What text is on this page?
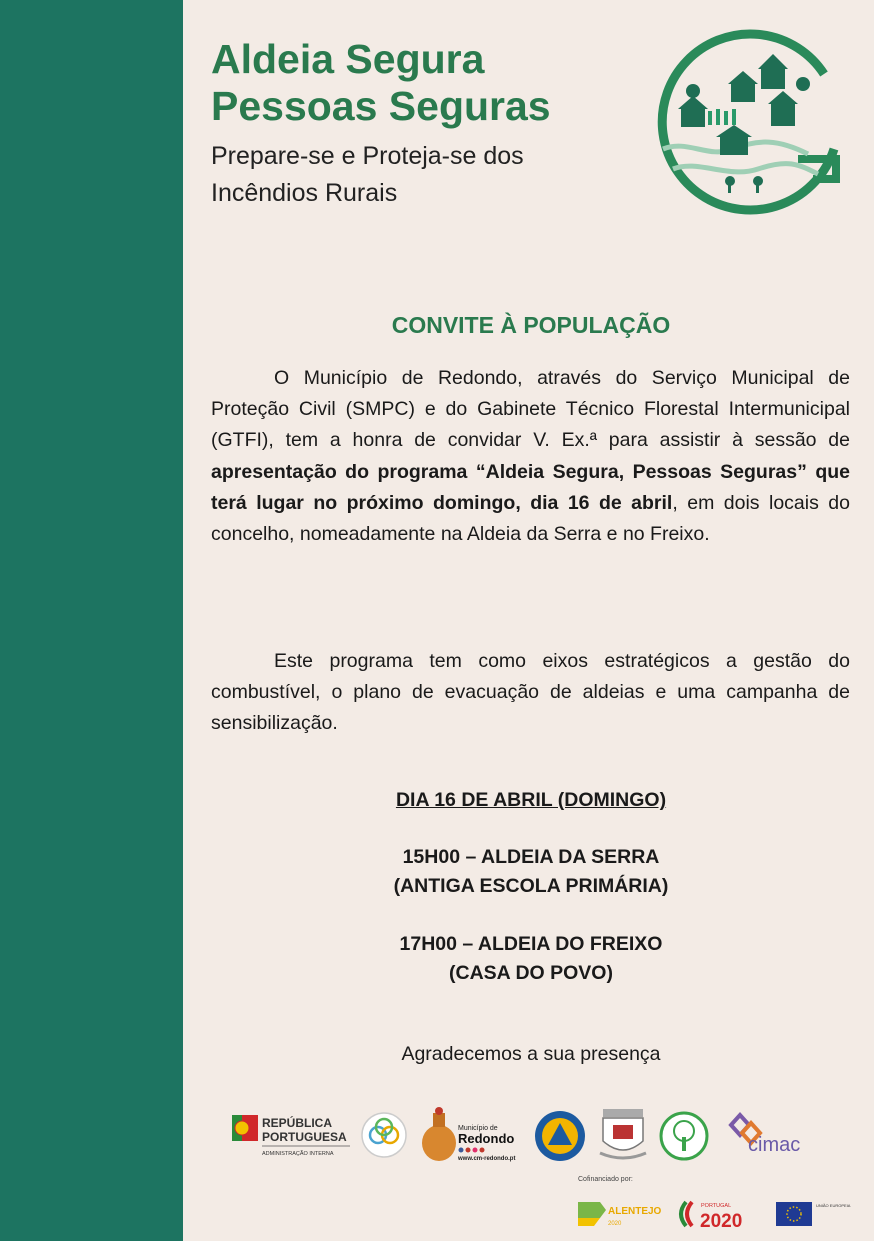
Aldeia Segura
Pessoas Seguras
Prepare-se e Proteja-se dos
Incêndios Rurais
CONVITE À POPULAÇÃO

O Município de Redondo, através do Serviço Municipal de Proteção Civil (SMPC) e do Gabinete Técnico Florestal Intermunicipal (GTFI), tem a honra de convidar V. Ex.ª para assistir à sessão de apresentação do programa “Aldeia Segura, Pessoas Seguras” que terá lugar no próximo domingo, dia 16 de abril, em dois locais do concelho, nomeadamente na Aldeia da Serra e no Freixo.

Este programa tem como eixos estratégicos a gestão do combustível, o plano de evacuação de aldeias e uma campanha de sensibilização.

DIA 16 DE ABRIL (DOMINGO)
15H00 – ALDEIA DA SERRA
(ANTIGA ESCOLA PRIMÁRIA)
17H00 – ALDEIA DO FREIXO
(CASA DO POVO)
Agradecemos a sua presença
REPÚBLICA
PORTUGUESA
ADMINISTRAÇÃO INTERNA
Município de
Redondo
www.cm-redondo.pt
cimac
Cofinanciado por:
ALENTEJO
2020
PORTUGAL
2020
UNIÃO EUROPEIA
